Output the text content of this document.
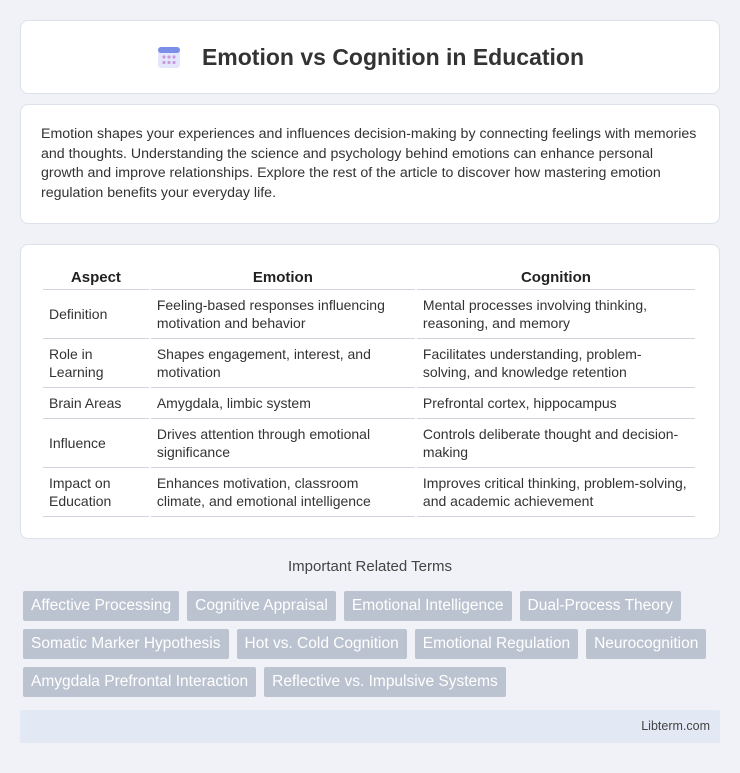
Emotion vs Cognition in Education

Emotion shapes your experiences and influences decision-making by connecting feelings with memories and thoughts. Understanding the science and psychology behind emotions can enhance personal growth and improve relationships. Explore the rest of the article to discover how mastering emotion regulation benefits your everyday life.

Aspect	Emotion	Cognition
Definition	Feeling-based responses influencing motivation and behavior	Mental processes involving thinking, reasoning, and memory
Role in Learning	Shapes engagement, interest, and motivation	Facilitates understanding, problem-solving, and knowledge retention
Brain Areas	Amygdala, limbic system	Prefrontal cortex, hippocampus
Influence	Drives attention through emotional significance	Controls deliberate thought and decision-making
Impact on Education	Enhances motivation, classroom climate, and emotional intelligence	Improves critical thinking, problem-solving, and academic achievement
Important Related Terms
Affective Processing	Cognitive Appraisal	Emotional Intelligence	Dual-Process Theory
Somatic Marker Hypothesis	Hot vs. Cold Cognition	Emotional Regulation	Neurocognition
Amygdala Prefrontal Interaction	Reflective vs. Impulsive Systems
Libterm.com
